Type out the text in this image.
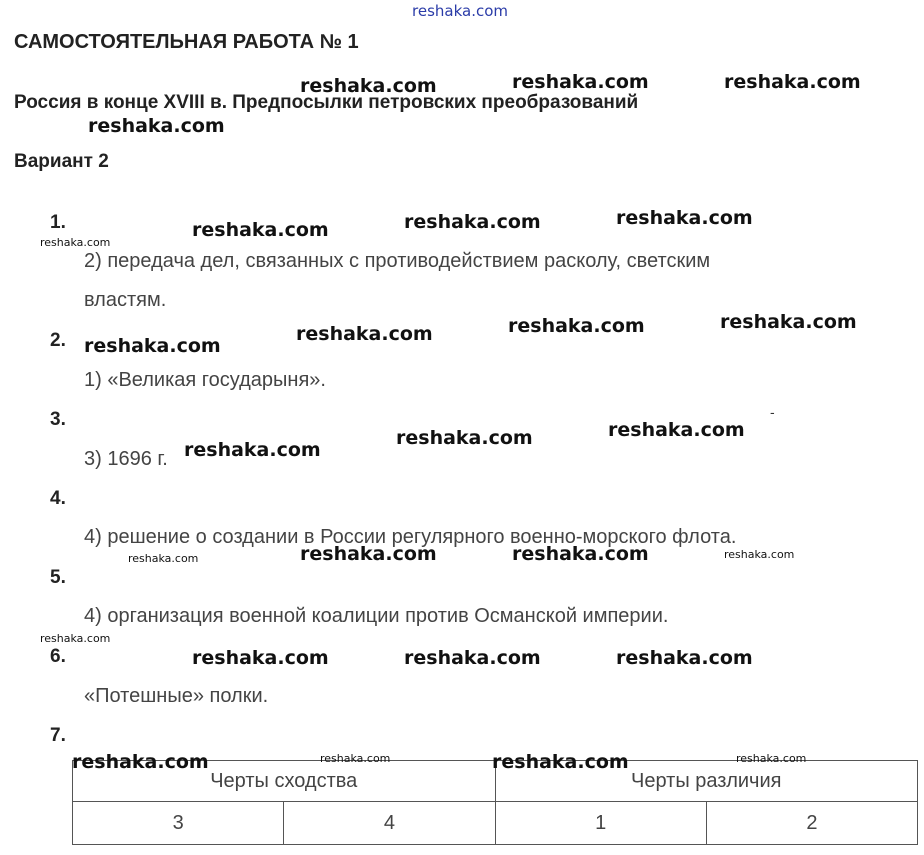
САМОСТОЯТЕЛЬНАЯ РАБОТА № 1
Россия в конце XVIII в. Предпосылки петровских преобразований
Вариант 2
1.
2) передача дел, связанных с противодействием расколу, светским
властям.
2.
1) «Великая государыня».
3.
3) 1696 г.
4.
4) решение о создании в России регулярного военно-морского флота.
5.
4) организация военной коалиции против Османской империи.
6.
«Потешные» полки.
7.
-
Черты сходства		Черты различия	
3	4	1	2
reshaka.com
reshaka.com	reshaka.com	reshaka.com
reshaka.com
reshaka.com	reshaka.com	reshaka.com
reshaka.com
reshaka.com	reshaka.com	reshaka.com
reshaka.com
reshaka.com	reshaka.com
reshaka.com
reshaka.com	reshaka.com
reshaka.com	reshaka.com
reshaka.com
reshaka.com	reshaka.com	reshaka.com
reshaka.com	reshaka.com
reshaka.com	reshaka.com
